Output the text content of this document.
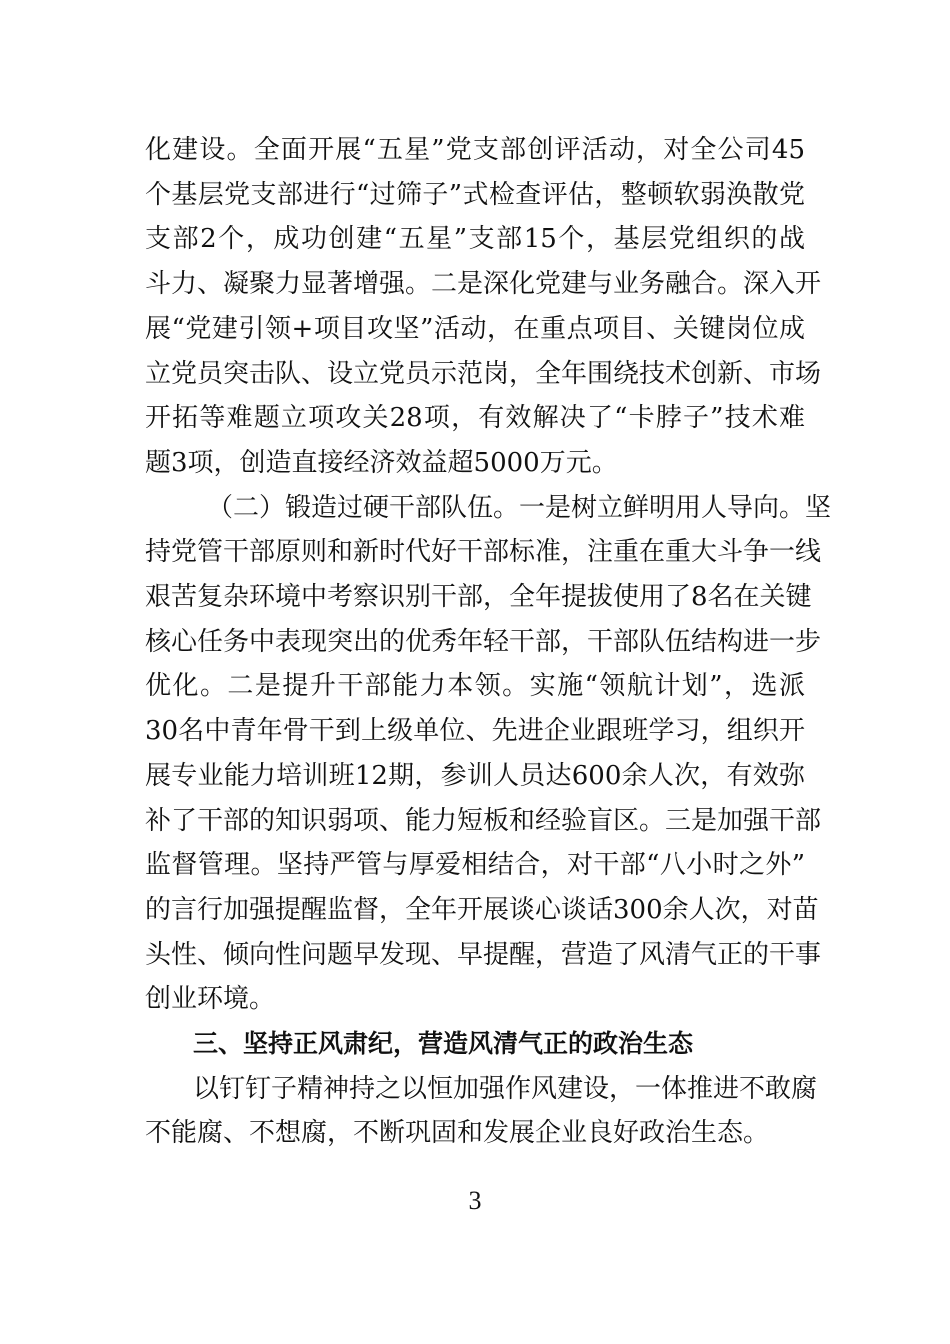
化建设。全面开展“五星”党支部创评活动，对全公司45
个基层党支部进行“过筛子”式检查评估，整顿软弱涣散党
支部2个，成功创建“五星”支部15个，基层党组织的战
斗力、凝聚力显著增强。二是深化党建与业务融合。深入开
展“党建引领+项目攻坚”活动，在重点项目、关键岗位成
立党员突击队、设立党员示范岗，全年围绕技术创新、市场
开拓等难题立项攻关28项，有效解决了“卡脖子”技术难
题3项，创造直接经济效益超5000万元。
（二）锻造过硬干部队伍。一是树立鲜明用人导向。坚
持党管干部原则和新时代好干部标准，注重在重大斗争一线
艰苦复杂环境中考察识别干部，全年提拔使用了8名在关键
核心任务中表现突出的优秀年轻干部，干部队伍结构进一步
优化。二是提升干部能力本领。实施“领航计划”，选派
30名中青年骨干到上级单位、先进企业跟班学习，组织开
展专业能力培训班12期，参训人员达600余人次，有效弥
补了干部的知识弱项、能力短板和经验盲区。三是加强干部
监督管理。坚持严管与厚爱相结合，对干部“八小时之外”
的言行加强提醒监督，全年开展谈心谈话300余人次，对苗
头性、倾向性问题早发现、早提醒，营造了风清气正的干事
创业环境。
三、坚持正风肃纪，营造风清气正的政治生态
以钉钉子精神持之以恒加强作风建设，一体推进不敢腐
不能腐、不想腐，不断巩固和发展企业良好政治生态。
3
